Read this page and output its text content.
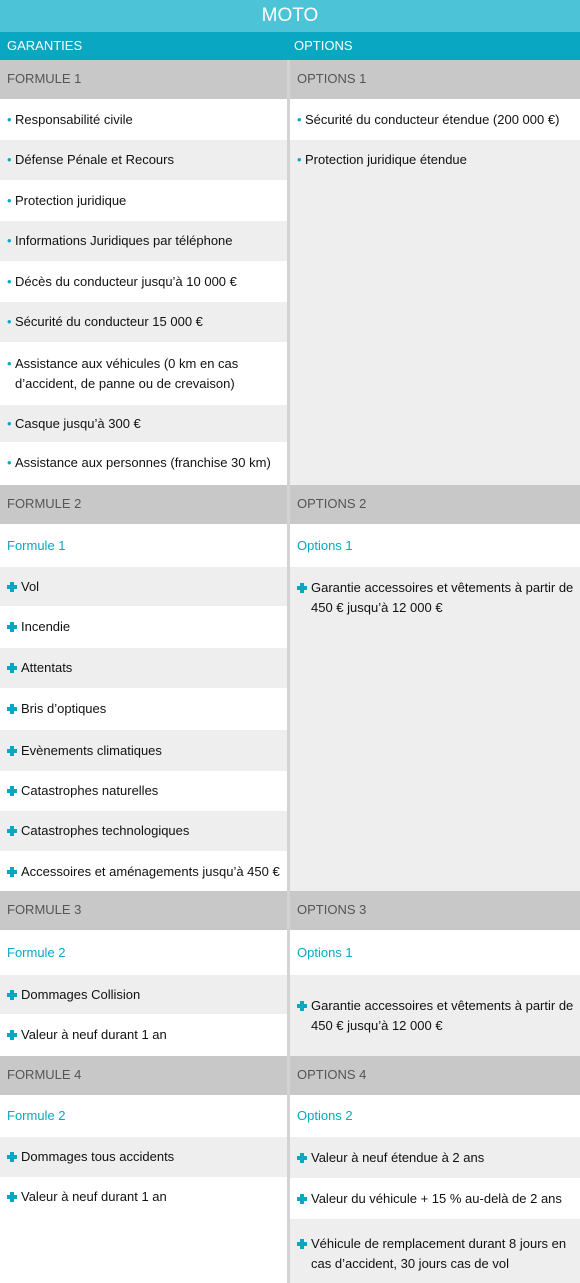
MOTO
GARANTIES	OPTIONS
FORMULE 1
• Responsabilité civile
• Défense Pénale et Recours
• Protection juridique
• Informations Juridiques par téléphone
• Décès du conducteur jusqu’à 10 000 €
• Sécurité du conducteur 15 000 €
• Assistance aux véhicules (0 km en cas d’accident, de panne ou de crevaison)
• Casque jusqu’à 300 €
• Assistance aux personnes (franchise 30 km)
OPTIONS 1
• Sécurité du conducteur étendue (200 000 €)
• Protection juridique étendue
FORMULE 2
Formule 1
Vol
Incendie
Attentats
Bris d’optiques
Evènements climatiques
Catastrophes naturelles
Catastrophes technologiques
Accessoires et aménagements jusqu’à 450 €
OPTIONS 2
Options 1
Garantie accessoires et vêtements à partir de 450 € jusqu’à 12 000 €
FORMULE 3
Formule 2
Dommages Collision
Valeur à neuf durant 1 an
OPTIONS 3
Options 1
Garantie accessoires et vêtements à partir de 450 € jusqu’à 12 000 €
FORMULE 4
Formule 2
Dommages tous accidents
Valeur à neuf durant 1 an
OPTIONS 4
Options 2
Valeur à neuf étendue à 2 ans
Valeur du véhicule + 15 % au-delà de 2 ans
Véhicule de remplacement durant 8 jours en cas d’accident, 30 jours cas de vol
